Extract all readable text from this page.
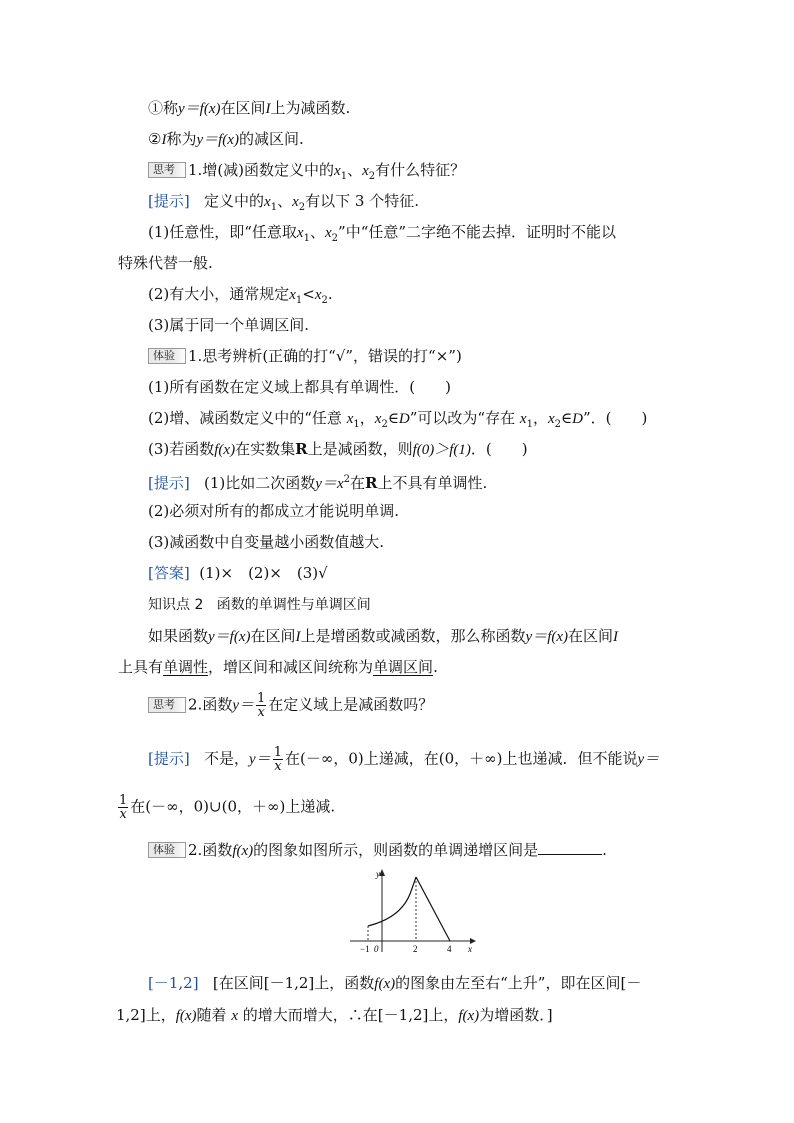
①称y＝f(x)在区间I上为减函数.
②I称为y＝f(x)的减区间.
思考 1.增(减)函数定义中的$x_1$、$x_2$有什么特征？
[提示] 定义中的$x_1$、$x_2$有以下 3 个特征.
(1)任意性，即“任意取$x_1$、$x_2$”中“任意”二字绝不能去掉．证明时不能以
特殊代替一般.
(2)有大小，通常规定$x_1<x_2$.
(3)属于同一个单调区间.
体验 1.思考辨析(正确的打“√”，错误的打“×”)
(1)所有函数在定义域上都具有单调性．(　　)
(2)增、减函数定义中的“任意 $x_1$，$x_2\in D$”可以改为“存在 $x_1$，$x_2\in D$”．(　　)
(3)若函数f(x)在实数集R上是减函数，则f(0)＞f(1)．(　　)
[提示] (1)比如二次函数$y=x^2$在R上不具有单调性.
(2)必须对所有的都成立才能说明单调.
(3)减函数中自变量越小函数值越大.
[答案] (1)×　(2)×　(3)√
知识点 2 函数的单调性与单调区间
如果函数y＝f(x)在区间I上是增函数或减函数，那么称函数y＝f(x)在区间I
上具有单调性，增区间和减区间统称为单调区间.
思考 2.函数$y= \frac{1}{x}$ 在定义域上是减函数吗？
[提示] 不是，$y= \frac{1}{x}$ 在(－∞，0)上递减，在(0，＋∞)上也递减．但不能说y＝
$\frac{1}{x}$ 在(－∞，0)∪(0，＋∞)上递减.
体验 2.函数f(x)的图象如图所示，则函数的单调递增区间是	.
y
x
−1 0	2	4
[－1,2] [在区间[－1,2]上，函数f(x)的图象由左至右“上升”，即在区间[－
1,2]上，f(x)随着 x 的增大而增大，∴在[－1,2]上，f(x)为增函数．]
